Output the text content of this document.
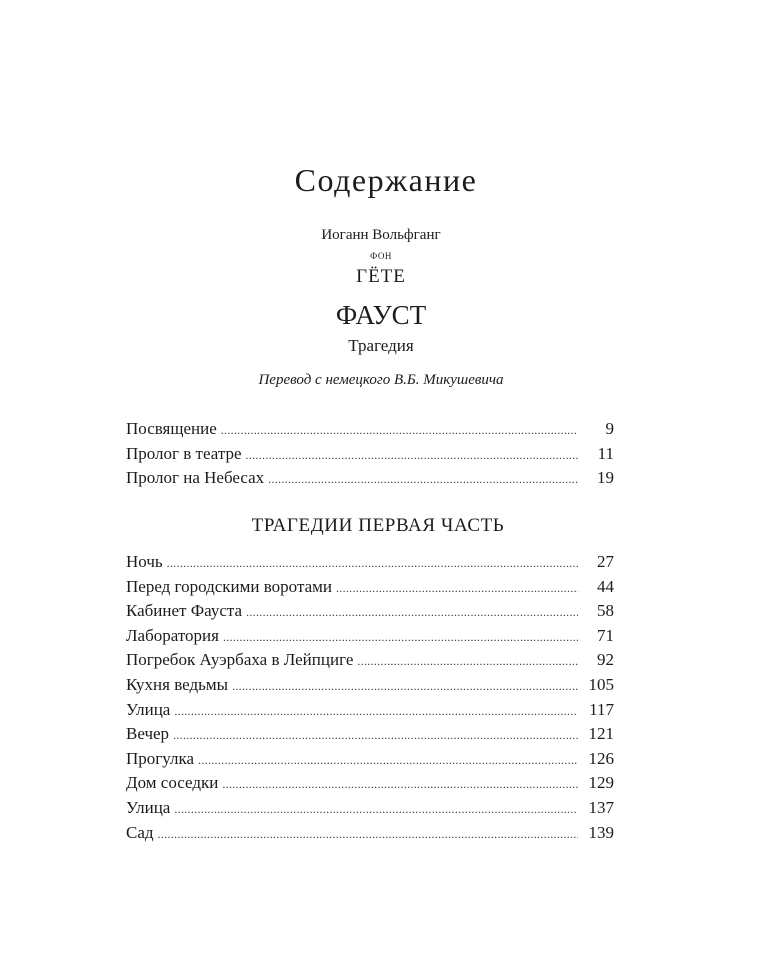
Содержание
Иоганн Вольфганг
ФОН
ГЁТЕ
ФАУСТ
Трагедия
Перевод с немецкого В.Б. Микушевича
Посвящение .....	9
Пролог в театре .....	11
Пролог на Небесах .....	19
ТРАГЕДИИ ПЕРВАЯ ЧАСТЬ
Ночь .....	27
Перед городскими воротами .....	44
Кабинет Фауста .....	58
Лаборатория .....	71
Погребок Ауэрбаха в Лейпциге .....	92
Кухня ведьмы .....	105
Улица .....	117
Вечер .....	121
Прогулка .....	126
Дом соседки .....	129
Улица .....	137
Сад .....	139
